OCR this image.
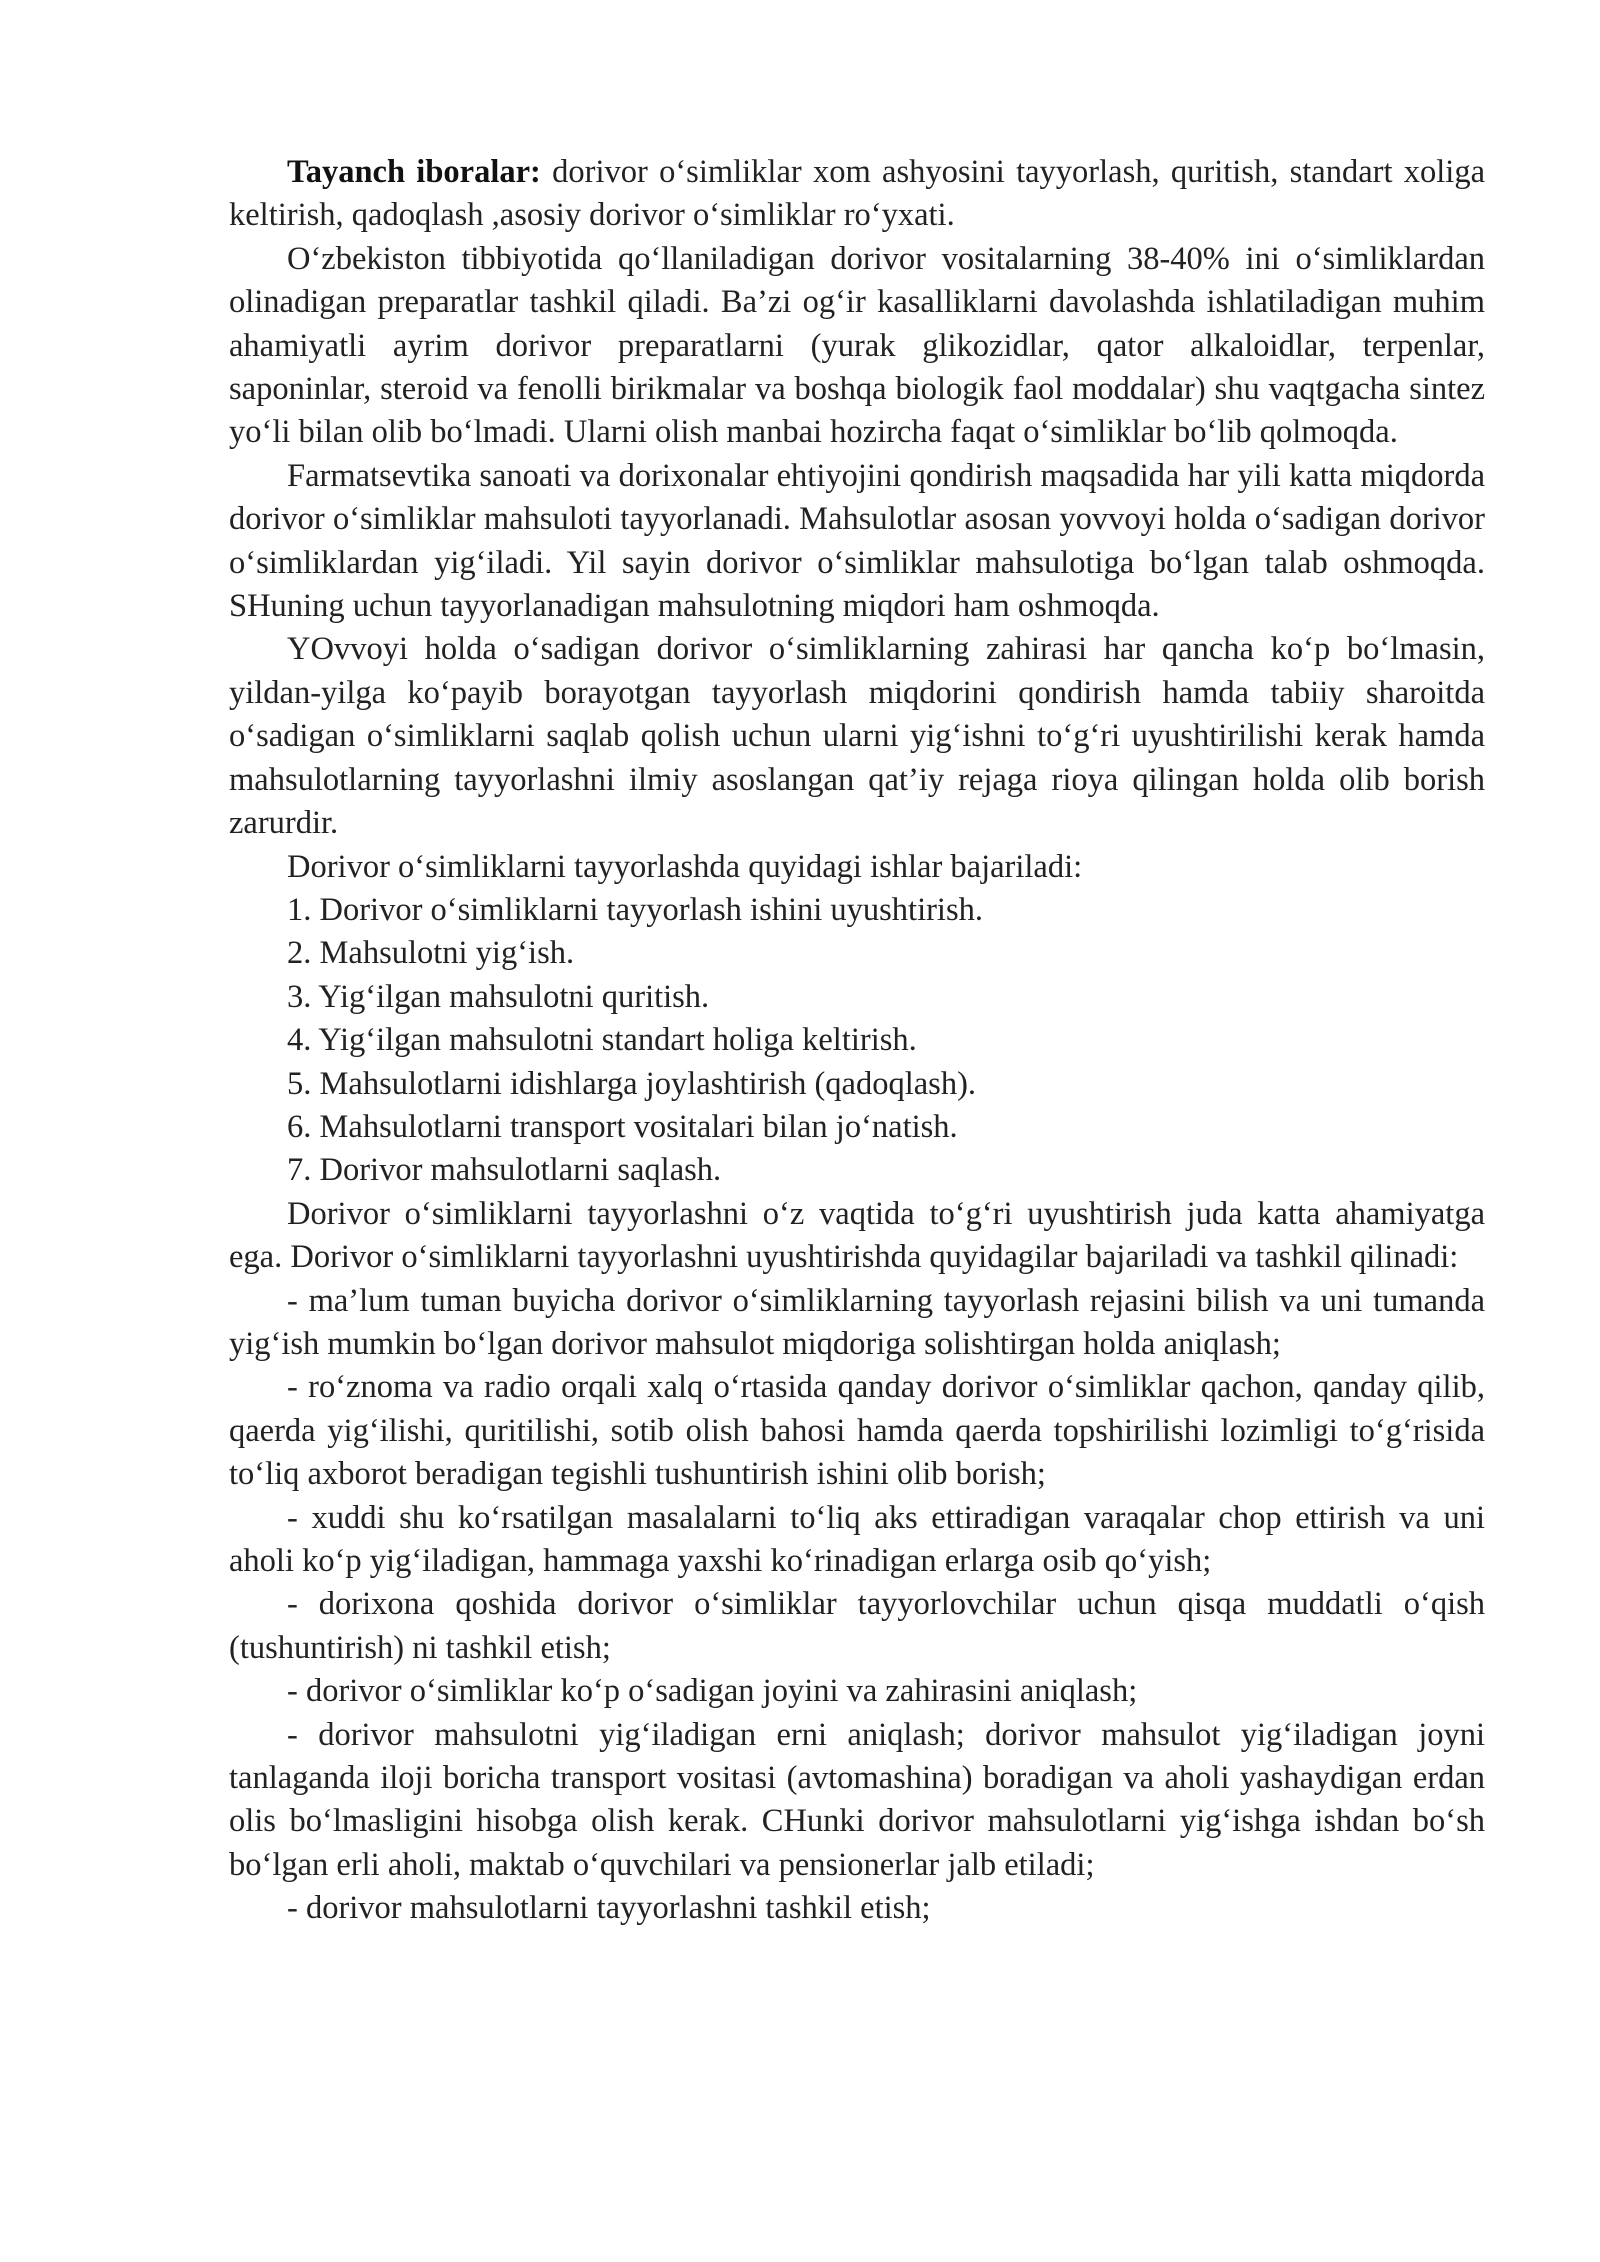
Tayanch iboralar: dorivor o‘simliklar xom ashyosini tayyorlash, quritish, standart xoliga keltirish, qadoqlash ,asosiy dorivor o‘simliklar ro‘yxati.

O‘zbekiston tibbiyotida qo‘llaniladigan dorivor vositalarning 38-40% ini o‘simliklardan olinadigan preparatlar tashkil qiladi. Ba’zi og‘ir kasalliklarni davolashda ishlatiladigan muhim ahamiyatli ayrim dorivor preparatlarni (yurak glikozidlar, qator alkaloidlar, terpenlar, saponinlar, steroid va fenolli birikmalar va boshqa biologik faol moddalar) shu vaqtgacha sintez yo‘li bilan olib bo‘lmadi. Ularni olish manbai hozircha faqat o‘simliklar bo‘lib qolmoqda.

Farmatsevtika sanoati va dorixonalar ehtiyojini qondirish maqsadida har yili katta miqdorda dorivor o‘simliklar mahsuloti tayyorlanadi. Mahsulotlar asosan yovvoyi holda o‘sadigan dorivor o‘simliklardan yig‘iladi. Yil sayin dorivor o‘simliklar mahsulotiga bo‘lgan talab oshmoqda. SHuning uchun tayyorlanadigan mahsulotning miqdori ham oshmoqda.

YOvvoyi holda o‘sadigan dorivor o‘simliklarning zahirasi har qancha ko‘p bo‘lmasin, yildan-yilga ko‘payib borayotgan tayyorlash miqdorini qondirish hamda tabiiy sharoitda o‘sadigan o‘simliklarni saqlab qolish uchun ularni yig‘ishni to‘g‘ri uyushtirilishi kerak hamda mahsulotlarning tayyorlashni ilmiy asoslangan qat’iy rejaga rioya qilingan holda olib borish zarurdir.

Dorivor o‘simliklarni tayyorlashda quyidagi ishlar bajariladi:

1. Dorivor o‘simliklarni tayyorlash ishini uyushtirish.

2. Mahsulotni yig‘ish.

3. Yig‘ilgan mahsulotni quritish.

4. Yig‘ilgan mahsulotni standart holiga keltirish.

5. Mahsulotlarni idishlarga joylashtirish (qadoqlash).

6. Mahsulotlarni transport vositalari bilan jo‘natish.

7. Dorivor mahsulotlarni saqlash.

Dorivor o‘simliklarni tayyorlashni o‘z vaqtida to‘g‘ri uyushtirish juda katta ahamiyatga ega. Dorivor o‘simliklarni tayyorlashni uyushtirishda quyidagilar bajariladi va tashkil qilinadi:

- ma’lum tuman buyicha dorivor o‘simliklarning tayyorlash rejasini bilish va uni tumanda yig‘ish mumkin bo‘lgan dorivor mahsulot miqdoriga solishtirgan holda aniqlash;

- ro‘znoma va radio orqali xalq o‘rtasida qanday dorivor o‘simliklar qachon, qanday qilib, qaerda yig‘ilishi, quritilishi, sotib olish bahosi hamda qaerda topshirilishi lozimligi to‘g‘risida to‘liq axborot beradigan tegishli tushuntirish ishini olib borish;

- xuddi shu ko‘rsatilgan masalalarni to‘liq aks ettiradigan varaqalar chop ettirish va uni aholi ko‘p yig‘iladigan, hammaga yaxshi ko‘rinadigan erlarga osib qo‘yish;

- dorixona qoshida dorivor o‘simliklar tayyorlovchilar uchun qisqa muddatli o‘qish (tushuntirish) ni tashkil etish;

- dorivor o‘simliklar ko‘p o‘sadigan joyini va zahirasini aniqlash;

- dorivor mahsulotni yig‘iladigan erni aniqlash; dorivor mahsulot yig‘iladigan joyni tanlaganda iloji boricha transport vositasi (avtomashina) boradigan va aholi yashaydigan erdan olis bo‘lmasligini hisobga olish kerak. CHunki dorivor mahsulotlarni yig‘ishga ishdan bo‘sh bo‘lgan erli aholi, maktab o‘quvchilari va pensionerlar jalb etiladi;

- dorivor mahsulotlarni tayyorlashni tashkil etish;
